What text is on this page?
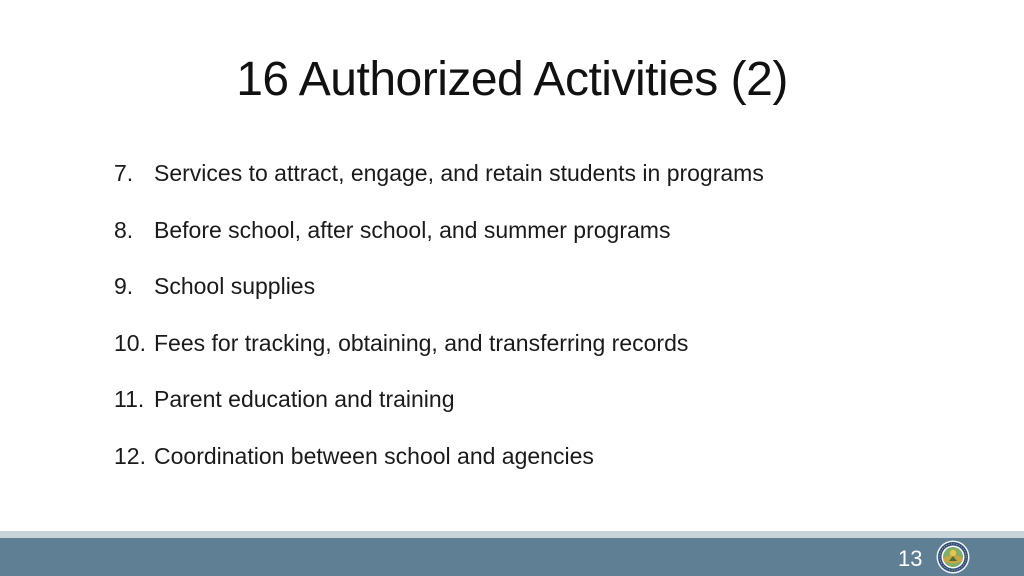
16 Authorized Activities (2)
7. Services to attract, engage, and retain students in programs
8. Before school, after school, and summer programs
9. School supplies
10. Fees for tracking, obtaining, and transferring records
11. Parent education and training
12. Coordination between school and agencies
13
